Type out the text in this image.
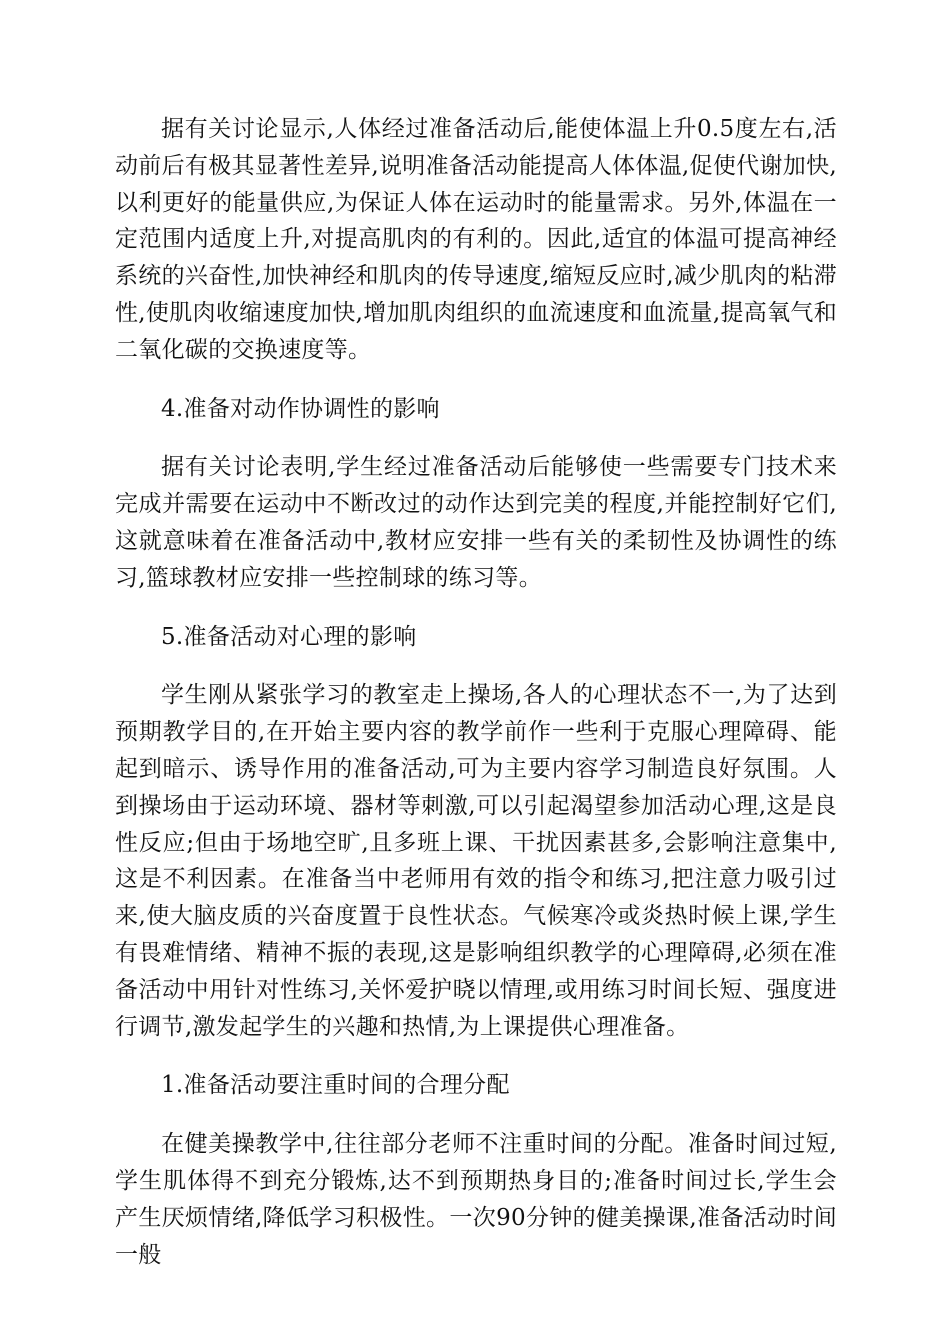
据有关讨论显示,人体经过准备活动后,能使体温上升0.5度左右,活动前后有极其显著性差异,说明准备活动能提高人体体温,促使代谢加快,以利更好的能量供应,为保证人体在运动时的能量需求。另外,体温在一定范围内适度上升,对提高肌肉的有利的。因此,适宜的体温可提高神经系统的兴奋性,加快神经和肌肉的传导速度,缩短反应时,减少肌肉的粘滞性,使肌肉收缩速度加快,增加肌肉组织的血流速度和血流量,提高氧气和二氧化碳的交换速度等。

4.准备对动作协调性的影响

据有关讨论表明,学生经过准备活动后能够使一些需要专门技术来完成并需要在运动中不断改过的动作达到完美的程度,并能控制好它们,这就意味着在准备活动中,教材应安排一些有关的柔韧性及协调性的练习,篮球教材应安排一些控制球的练习等。

5.准备活动对心理的影响

学生刚从紧张学习的教室走上操场,各人的心理状态不一,为了达到预期教学目的,在开始主要内容的教学前作一些利于克服心理障碍、能起到暗示、诱导作用的准备活动,可为主要内容学习制造良好氛围。人到操场由于运动环境、器材等刺激,可以引起渴望参加活动心理,这是良性反应;但由于场地空旷,且多班上课、干扰因素甚多,会影响注意集中,这是不利因素。在准备当中老师用有效的指令和练习,把注意力吸引过来,使大脑皮质的兴奋度置于良性状态。气候寒冷或炎热时候上课,学生有畏难情绪、精神不振的表现,这是影响组织教学的心理障碍,必须在准备活动中用针对性练习,关怀爱护晓以情理,或用练习时间长短、强度进行调节,激发起学生的兴趣和热情,为上课提供心理准备。

1.准备活动要注重时间的合理分配

在健美操教学中,往往部分老师不注重时间的分配。准备时间过短,学生肌体得不到充分锻炼,达不到预期热身目的;准备时间过长,学生会产生厌烦情绪,降低学习积极性。一次90分钟的健美操课,准备活动时间一般
